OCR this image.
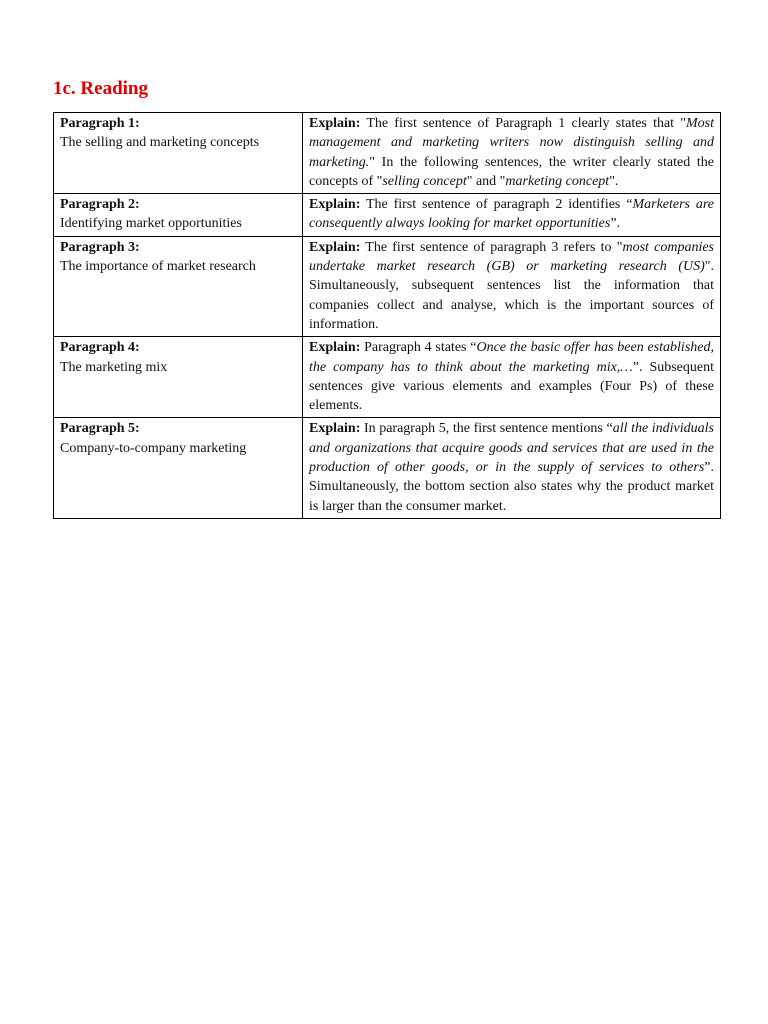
1c. Reading
Paragraph 1:
The selling and marketing concepts	Explain: The first sentence of Paragraph 1 clearly states that "Most management and marketing writers now distinguish selling and marketing." In the following sentences, the writer clearly stated the concepts of "selling concept" and "marketing concept".
Paragraph 2:
Identifying market opportunities	Explain: The first sentence of paragraph 2 identifies “Marketers are consequently always looking for market opportunities”.
Paragraph 3:
The importance of market research	Explain: The first sentence of paragraph 3 refers to "most companies undertake market research (GB) or marketing research (US)". Simultaneously, subsequent sentences list the information that companies collect and analyse, which is the important sources of information.
Paragraph 4:
The marketing mix	Explain: Paragraph 4 states “Once the basic offer has been established, the company has to think about the marketing mix,…”. Subsequent sentences give various elements and examples (Four Ps) of these elements.
Paragraph 5:
Company-to-company marketing	Explain: In paragraph 5, the first sentence mentions “all the individuals and organizations that acquire goods and services that are used in the production of other goods, or in the supply of services to others”. Simultaneously, the bottom section also states why the product market is larger than the consumer market.
